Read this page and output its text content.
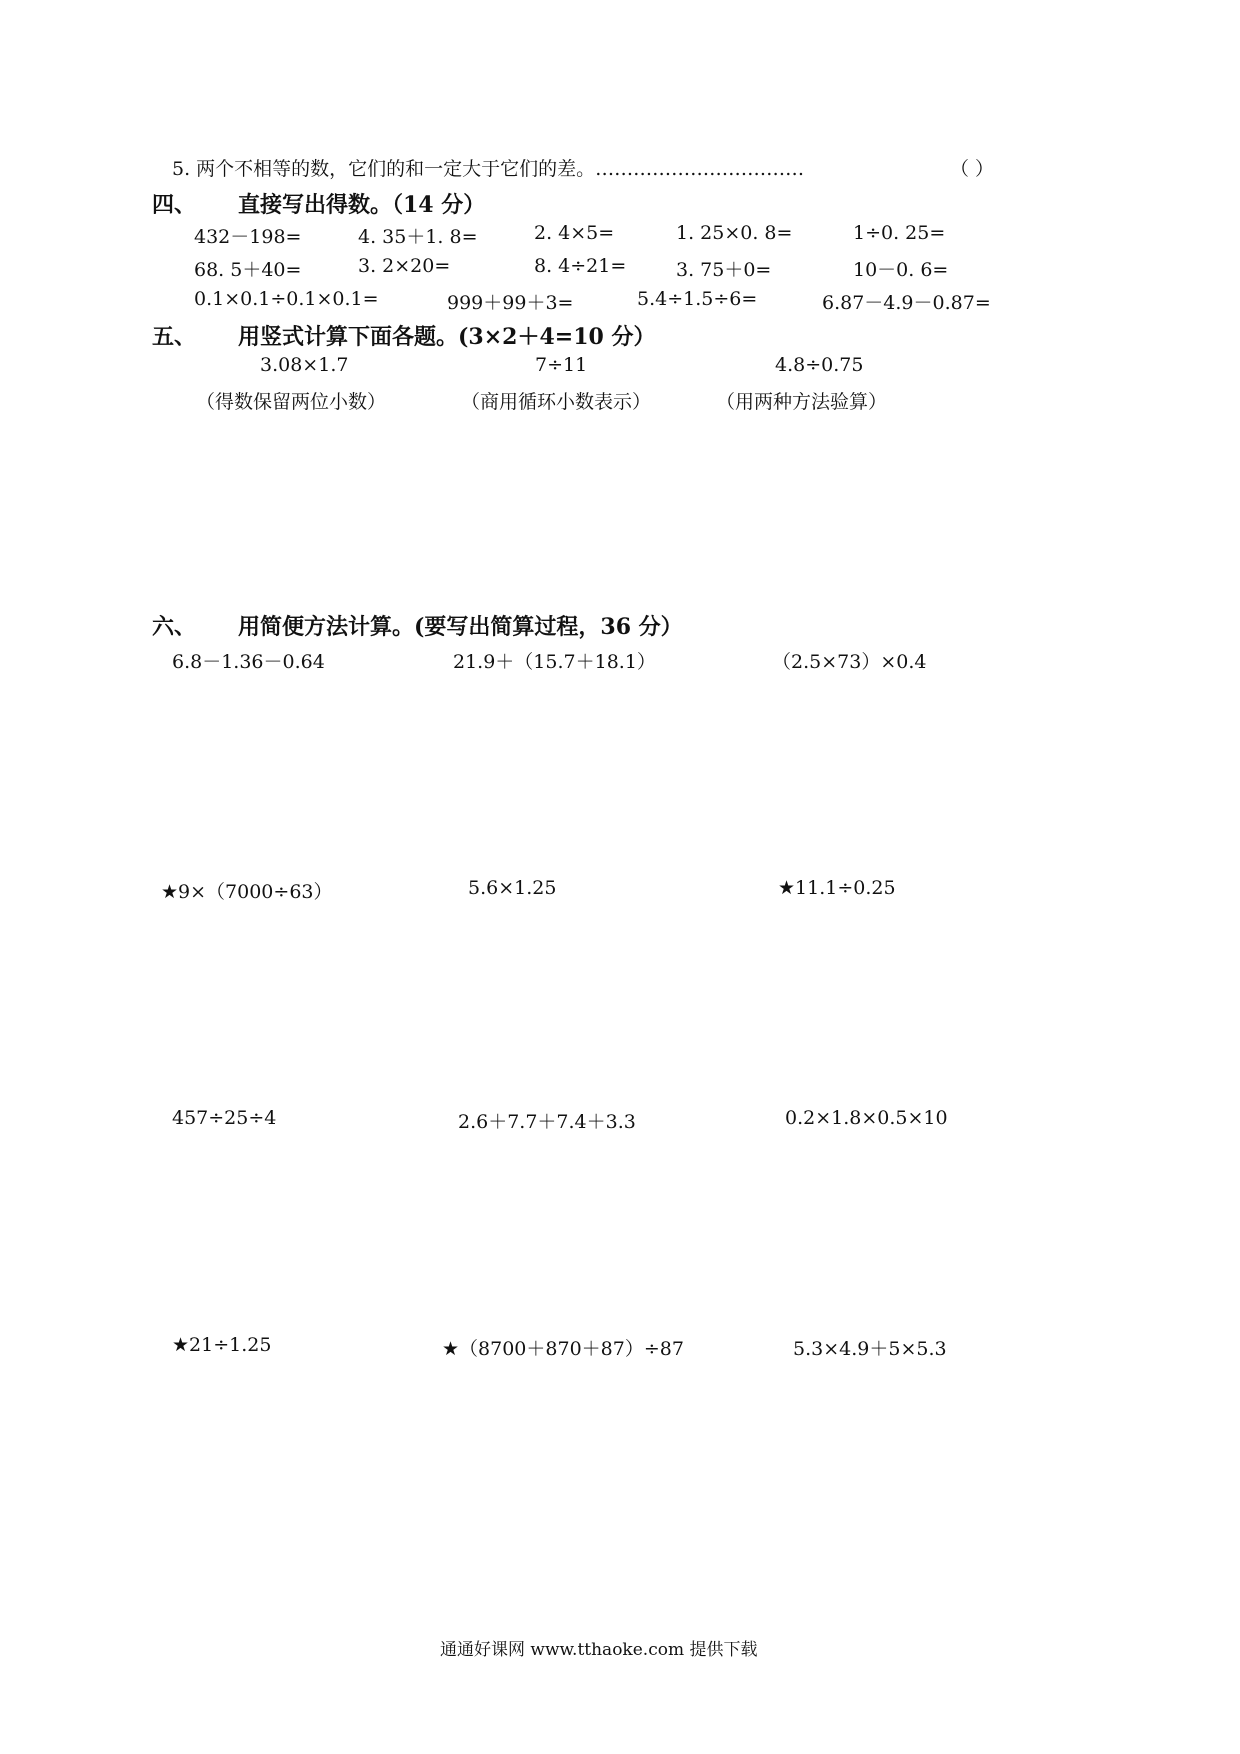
5. 两个不相等的数，它们的和一定大于它们的差。……………………………	（ ）
四、 直接写出得数。（14 分）
432－198=	4. 35＋1. 8=	2. 4×5=	1. 25×0. 8=	1÷0. 25=
68. 5＋40=	3. 2×20=	8. 4÷21=	3. 75＋0=	10－0. 6=
0.1×0.1÷0.1×0.1=	999＋99＋3=	5.4÷1.5÷6=	6.87－4.9－0.87=
五、 用竖式计算下面各题。(3×2＋4=10 分）
3.08×1.7	7÷11	4.8÷0.75
（得数保留两位小数）	（商用循环小数表示）	（用两种方法验算）
六、 用简便方法计算。(要写出简算过程，36 分）
6.8－1.36－0.64	21.9＋（15.7＋18.1）	（2.5×73）×0.4
★9×（7000÷63）	5.6×1.25	★11.1÷0.25
457÷25÷4	2.6＋7.7＋7.4＋3.3	0.2×1.8×0.5×10
★21÷1.25	★（8700＋870＋87）÷87	5.3×4.9＋5×5.3
通通好课网 www.tthaoke.com 提供下载
